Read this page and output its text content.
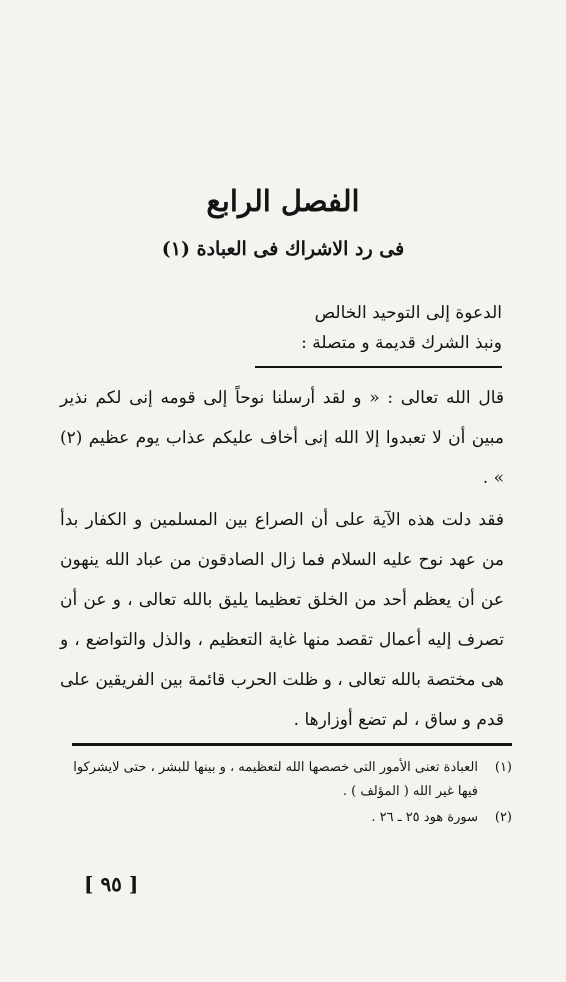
الفصل الرابع
فى رد الاشراك فى العبادة (١)
الدعوة إلى التوحيد الخالص
ونبذ الشرك قديمة و متصلة :

قال الله تعالى : « و لقد أرسلنا نوحاً إلى قومه إنى لكم نذير مبين أن لا تعبدوا إلا الله إنى أخاف عليكم عذاب يوم عظيم (٢) » .

فقد دلت هذه الآية على أن الصراع بين المسلمين و الكفار بدأ من عهد نوح عليه السلام فما زال الصادقون من عباد الله ينهون عن أن يعظم أحد من الخلق تعظيما يليق بالله تعالى ، و عن أن تصرف إليه أعمال تقصد منها غاية التعظيم ، والذل والتواضع ، و هى مختصة بالله تعالى ، و ظلت الحرب قائمة بين الفريقين على قدم و ساق ، لم تضع أوزارها .

(١)
العبادة تعنى الأمور التى خصصها الله لتعظيمه ، و بينها للبشر ، حتى لايشركوا فيها غير الله ( المؤلف ) .
(٢)
سورة هود ٢٥ ـ ٢٦ .
[ ٩٥ ]
